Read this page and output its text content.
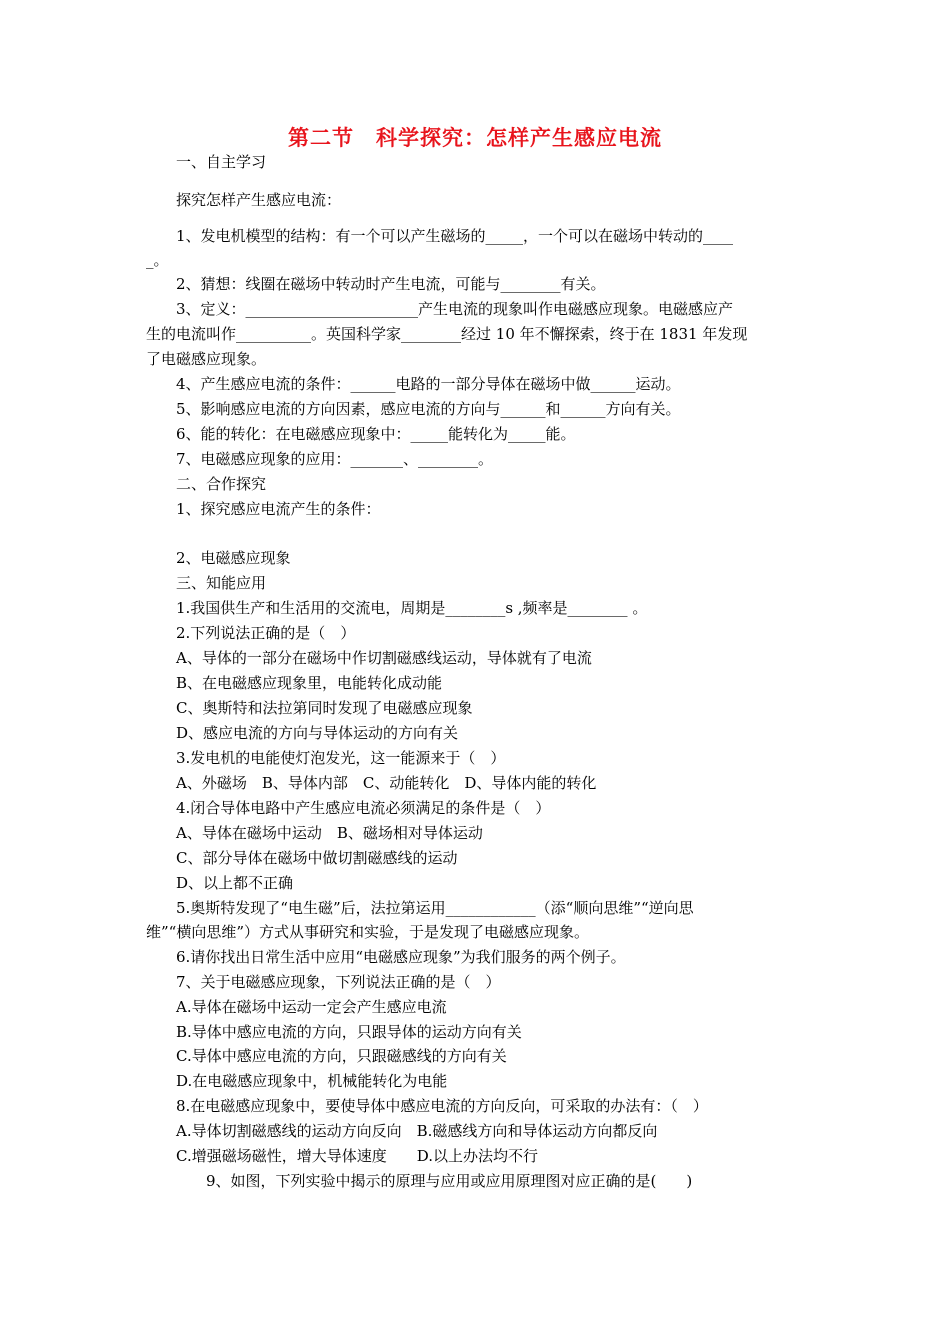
第二节　科学探究：怎样产生感应电流
一、自主学习
探究怎样产生感应电流：
1、发电机模型的结构：有一个可以产生磁场的_____，一个可以在磁场中转动的____
_。
2、猜想：线圈在磁场中转动时产生电流，可能与________有关。
3、定义：_______________________产生电流的现象叫作电磁感应现象。电磁感应产
生的电流叫作__________。英国科学家________经过 10 年不懈探索，终于在 1831 年发现
了电磁感应现象。
4、产生感应电流的条件：______电路的一部分导体在磁场中做______运动。
5、影响感应电流的方向因素，感应电流的方向与______和______方向有关。
6、能的转化：在电磁感应现象中：_____能转化为_____能。
7、电磁感应现象的应用：_______、________。
二、合作探究
1、探究感应电流产生的条件：
2、电磁感应现象
三、知能应用
1.我国供生产和生活用的交流电，周期是________s ,频率是________ 。
2.下列说法正确的是（　）
A、导体的一部分在磁场中作切割磁感线运动，导体就有了电流
B、在电磁感应现象里，电能转化成动能
C、奥斯特和法拉第同时发现了电磁感应现象
D、感应电流的方向与导体运动的方向有关
3.发电机的电能使灯泡发光，这一能源来于（　）
A、外磁场　B、导体内部　C、动能转化　D、导体内能的转化
4.闭合导体电路中产生感应电流必须满足的条件是（　）
A、导体在磁场中运动　B、磁场相对导体运动
C、部分导体在磁场中做切割磁感线的运动
D、以上都不正确
5.奥斯特发现了“电生磁”后，法拉第运用____________（添“顺向思维”“逆向思
维”“横向思维”）方式从事研究和实验，于是发现了电磁感应现象。
6.请你找出日常生活中应用“电磁感应现象”为我们服务的两个例子。
7、关于电磁感应现象，下列说法正确的是（　）
A.导体在磁场中运动一定会产生感应电流
B.导体中感应电流的方向，只跟导体的运动方向有关
C.导体中感应电流的方向，只跟磁感线的方向有关
D.在电磁感应现象中，机械能转化为电能
8.在电磁感应现象中，要使导体中感应电流的方向反向，可采取的办法有：（　）
A.导体切割磁感线的运动方向反向　B.磁感线方向和导体运动方向都反向
C.增强磁场磁性，增大导体速度　　D.以上办法均不行
9、如图，下列实验中揭示的原理与应用或应用原理图对应正确的是(　　)
